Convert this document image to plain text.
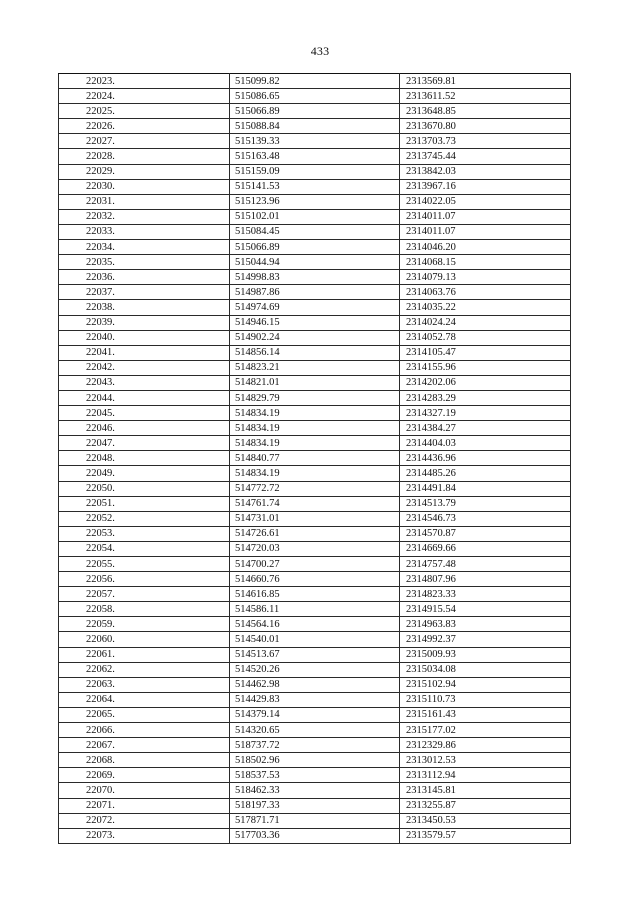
433
22023.	515099.82	2313569.81
22024.	515086.65	2313611.52
22025.	515066.89	2313648.85
22026.	515088.84	2313670.80
22027.	515139.33	2313703.73
22028.	515163.48	2313745.44
22029.	515159.09	2313842.03
22030.	515141.53	2313967.16
22031.	515123.96	2314022.05
22032.	515102.01	2314011.07
22033.	515084.45	2314011.07
22034.	515066.89	2314046.20
22035.	515044.94	2314068.15
22036.	514998.83	2314079.13
22037.	514987.86	2314063.76
22038.	514974.69	2314035.22
22039.	514946.15	2314024.24
22040.	514902.24	2314052.78
22041.	514856.14	2314105.47
22042.	514823.21	2314155.96
22043.	514821.01	2314202.06
22044.	514829.79	2314283.29
22045.	514834.19	2314327.19
22046.	514834.19	2314384.27
22047.	514834.19	2314404.03
22048.	514840.77	2314436.96
22049.	514834.19	2314485.26
22050.	514772.72	2314491.84
22051.	514761.74	2314513.79
22052.	514731.01	2314546.73
22053.	514726.61	2314570.87
22054.	514720.03	2314669.66
22055.	514700.27	2314757.48
22056.	514660.76	2314807.96
22057.	514616.85	2314823.33
22058.	514586.11	2314915.54
22059.	514564.16	2314963.83
22060.	514540.01	2314992.37
22061.	514513.67	2315009.93
22062.	514520.26	2315034.08
22063.	514462.98	2315102.94
22064.	514429.83	2315110.73
22065.	514379.14	2315161.43
22066.	514320.65	2315177.02
22067.	518737.72	2312329.86
22068.	518502.96	2313012.53
22069.	518537.53	2313112.94
22070.	518462.33	2313145.81
22071.	518197.33	2313255.87
22072.	517871.71	2313450.53
22073.	517703.36	2313579.57
